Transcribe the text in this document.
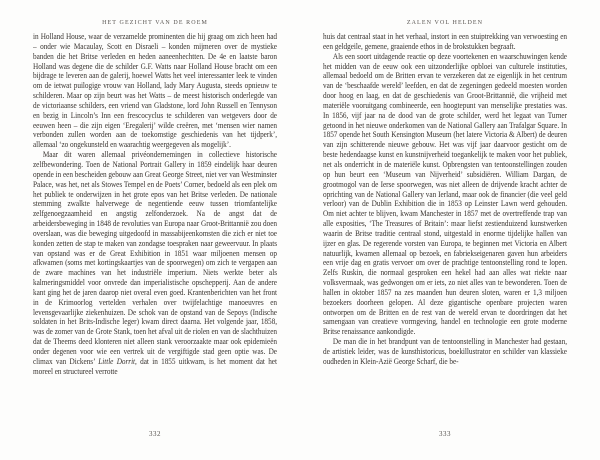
HET GEZICHT VAN DE ROEM

in Holland House, waar de verzamelde prominenten die hij graag om zich heen had – onder wie Macaulay, Scott en Disraeli – konden mijmeren over de mystieke banden die het Britse verleden en heden aaneenhechtten. De 4e en laatste baron Holland was degene die de schilder G.F. Watts naar Holland House bracht om een bijdrage te leveren aan de galerij, hoewel Watts het veel interessanter leek te vinden om de ietwat puilogige vrouw van Holland, lady Mary Augusta, steeds opnieuw te schilderen. Maar op zijn beurt was het Watts – de meest historisch onderlegde van de victoriaanse schilders, een vriend van Gladstone, lord John Russell en Tennyson en bezig in Lincoln’s Inn een frescocyclus te schilderen van wetgevers door de eeuwen heen – die zijn eigen ‘Eregalerij’ wilde creëren, met ‘mensen wier namen verbonden zullen worden aan de toekomstige geschiedenis van het tijdperk’, allemaal ‘zo ongekunsteld en waarachtig weergegeven als mogelijk’.

Maar dit waren allemaal privéondernemingen in collectieve historische zelfbewondering. Toen de National Portrait Gallery in 1859 eindelijk haar deuren opende in een bescheiden gebouw aan Great George Street, niet ver van Westminster Palace, was het, net als Stowes Tempel en de Poets’ Corner, bedoeld als een plek om het publiek te onderwijzen in het grote epos van het Britse verleden. De nationale stemming zwalkte halverwege de negentiende eeuw tussen triomfantelijke zelfgenoegzaamheid en angstig zelfonderzoek. Na de angst dat de arbeidersbeweging in 1848 de revoluties van Europa naar Groot-Brittannië zou doen overslaan, was die beweging uitgedoofd in massabijeenkomsten die zich er niet toe konden zetten de stap te maken van zondagse toespraken naar geweervuur. In plaats van opstand was er de Great Exhibition in 1851 waar miljoenen mensen op afkwamen (soms met kortingskaartjes van de spoorwegen) om zich te vergapen aan de zware machines van het industriële imperium. Niets werkte beter als kalmeringsmiddel voor onvrede dan imperialistische opschepperij. Aan de andere kant ging het de jaren daarop niet overal even goed. Krantenberichten van het front in de Krimoorlog vertelden verhalen over twijfelachtige manoeuvres en levensgevaarlijke ziekenhuizen. De schok van de opstand van de Sepoys (Indische soldaten in het Brits-Indische leger) kwam direct daarna. Het volgende jaar, 1858, was de zomer van de Grote Stank, toen het afval uit de riolen en van de slachthuizen dat de Theems deed klonteren niet alleen stank veroorzaakte maar ook epidemieën onder degenen voor wie een vertrek uit de vergiftigde stad geen optie was. De climax van Dickens’ Little Dorrit, dat in 1855 uitkwam, is het moment dat het moreel en structureel verrotte

332
ZALEN VOL HELDEN

huis dat centraal staat in het verhaal, instort in een stuiptrekking van verwoesting en een geldgeile, gemene, graaiende ethos in de brokstukken begraaft.

Als een soort uitdagende reactie op deze voortekenen en waarschuwingen kende het midden van de eeuw ook een uitzonderlijke opbloei van culturele instituties, allemaal bedoeld om de Britten ervan te verzekeren dat ze eigenlijk in het centrum van de ‘beschaafde wereld’ leefden, en dat de zegeningen gedeeld moesten worden door hoog en laag, en dat de geschiedenis van Groot-Brittannië, die vrijheid met materiële vooruitgang combineerde, een hoogtepunt van menselijke prestaties was. In 1856, vijf jaar na de dood van de grote schilder, werd het legaat van Turner getoond in het nieuwe onderkomen van de National Gallery aan Trafalgar Square. In 1857 opende het South Kensington Museum (het latere Victoria & Albert) de deuren van zijn schitterende nieuwe gebouw. Het was vijf jaar daarvoor gesticht om de beste hedendaagse kunst en kunstnijverheid toegankelijk te maken voor het publiek, net als onderricht in de materiële kunst. Opbrengsten van tentoonstellingen zouden op hun beurt een ‘Museum van Nijverheid’ subsidiëren. William Dargan, de grootmogol van de Ierse spoorwegen, was niet alleen de drijvende kracht achter de oprichting van de National Gallery van Ierland, maar ook de financier (die veel geld verloor) van de Dublin Exhibition die in 1853 op Leinster Lawn werd gehouden. Om niet achter te blijven, kwam Manchester in 1857 met de overtreffende trap van alle exposities, ‘The Treasures of Britain’: maar liefst zestienduizend kunstwerken waarin de Britse traditie centraal stond, uitgestald in enorme tijdelijke hallen van ijzer en glas. De regerende vorsten van Europa, te beginnen met Victoria en Albert natuurlijk, kwamen allemaal op bezoek, en fabriekseigenaren gaven hun arbeiders een vrije dag en gratis vervoer om over de prachtige tentoonstelling rond te lopen. Zelfs Ruskin, die normaal gesproken een hekel had aan alles wat riekte naar volksvermaak, was gedwongen om er iets, zo niet alles van te bewonderen. Toen de hallen in oktober 1857 na zes maanden hun deuren sloten, waren er 1,3 miljoen bezoekers doorheen gelopen. Al deze gigantische openbare projecten waren ontworpen om de Britten en de rest van de wereld ervan te doordringen dat het samengaan van creatieve vormgeving, handel en technologie een grote moderne Britse renaissance aankondigde.

De man die in het brandpunt van de tentoonstelling in Manchester had gestaan, de artistiek leider, was de kunsthistoricus, boekillustrator en schilder van klassieke oudheden in Klein-Azië George Scharf, die be-

333
